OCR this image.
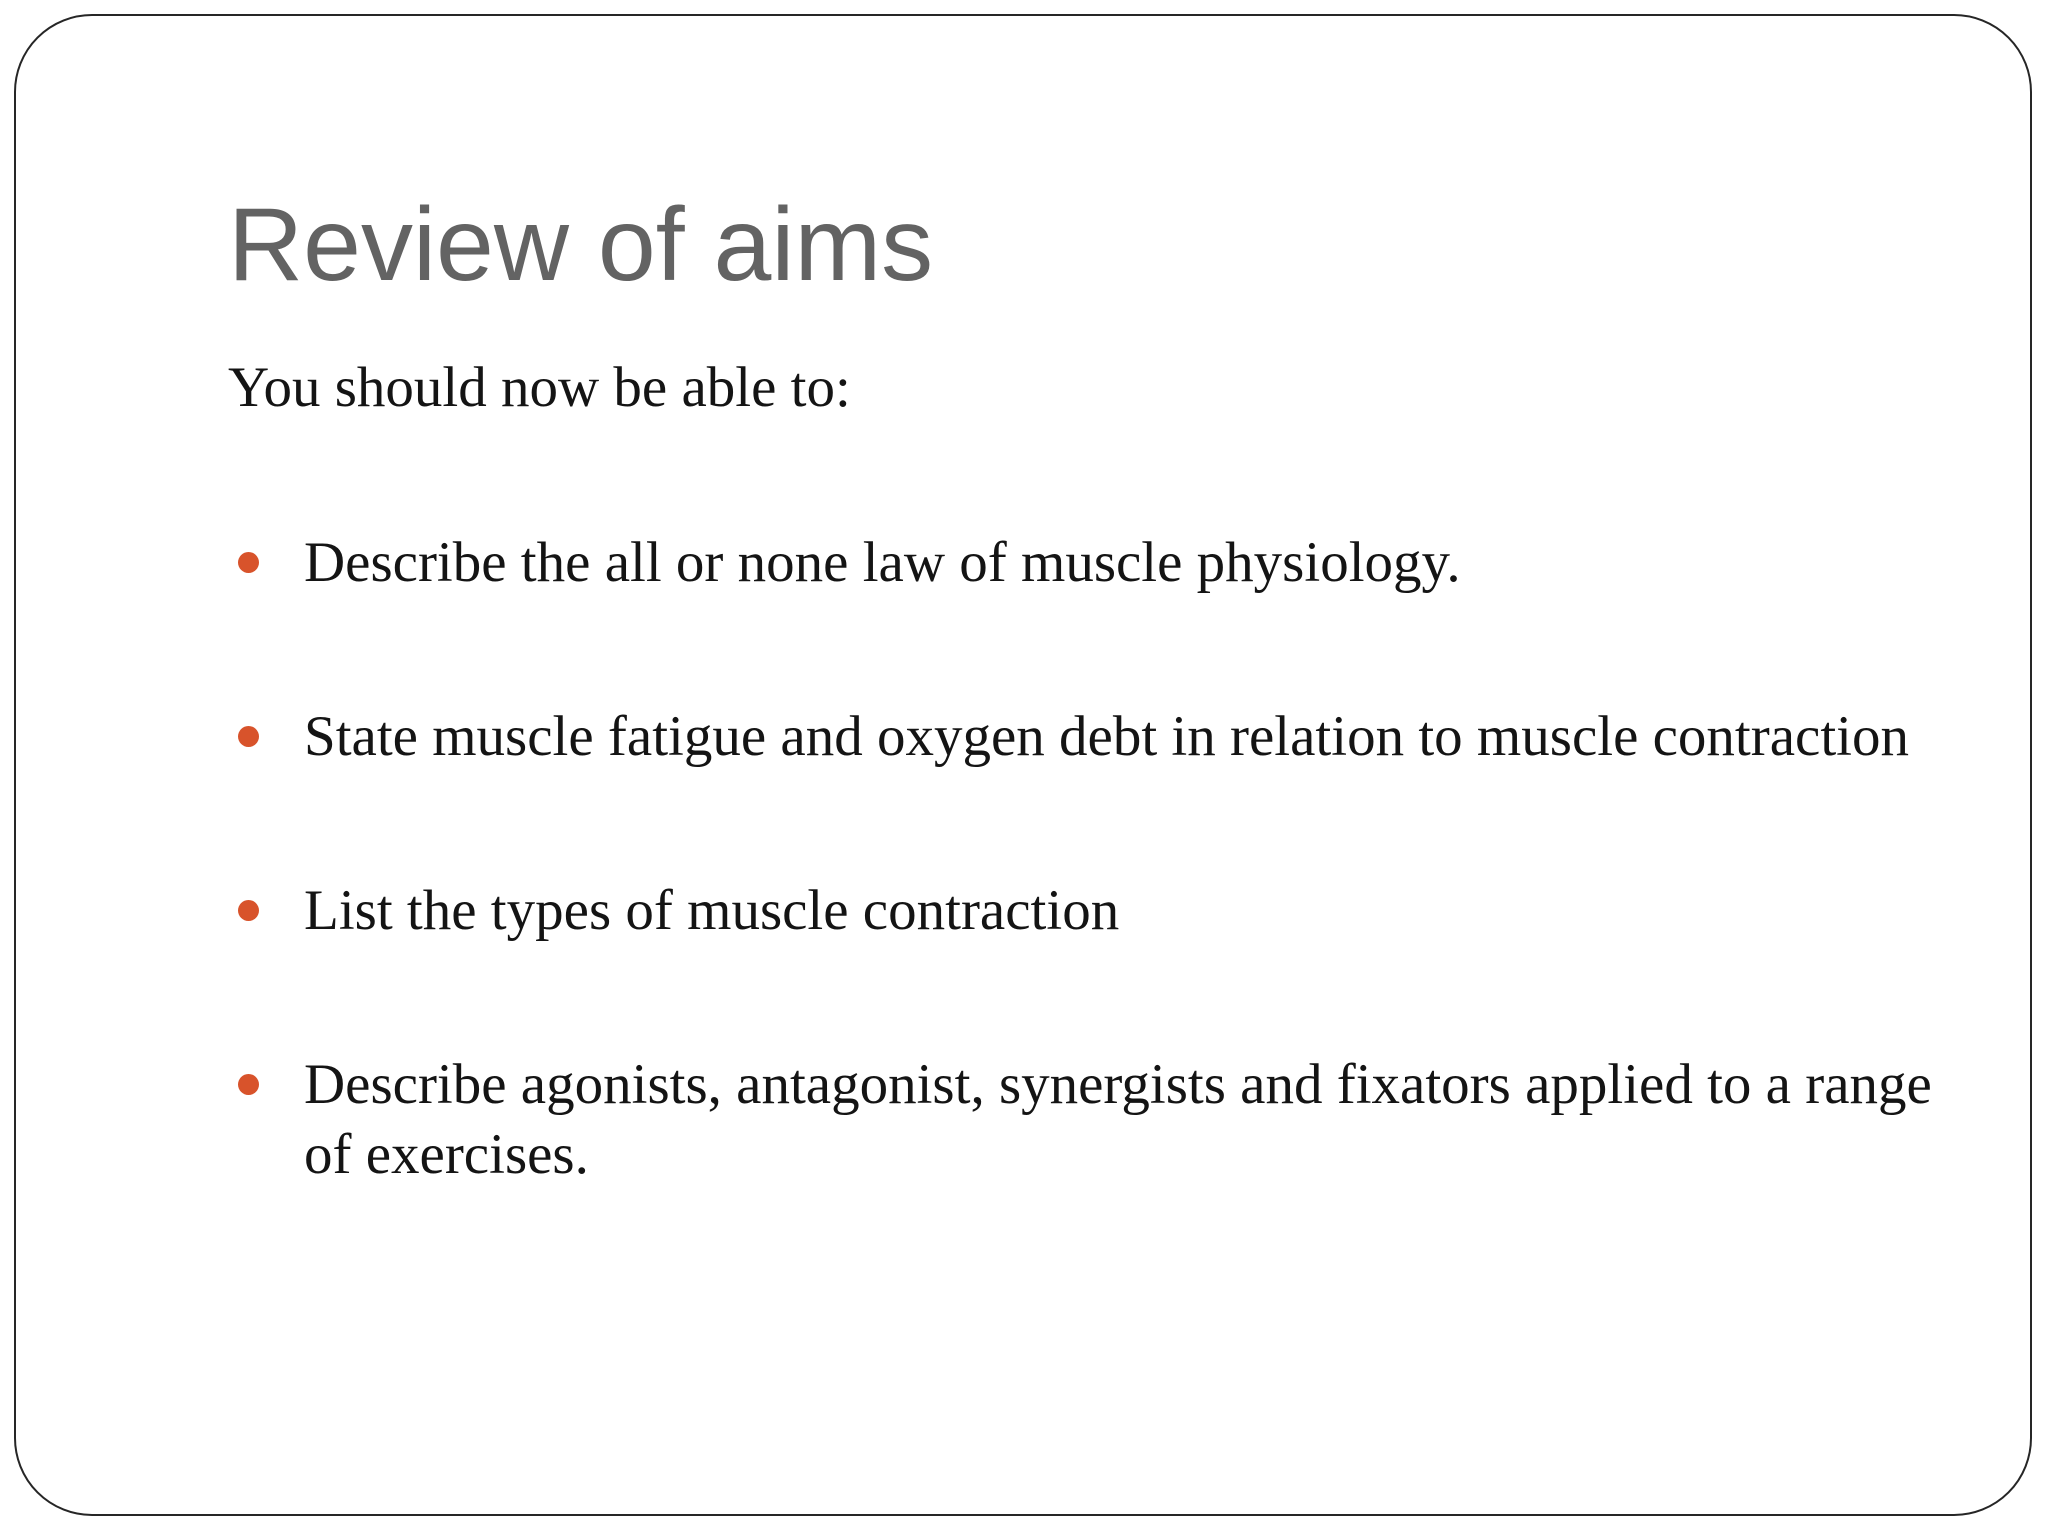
Review of aims

You should now be able to:

Describe the all or none law of muscle physiology.
State muscle fatigue and oxygen debt in relation to muscle contraction
List the types of muscle contraction
Describe agonists, antagonist, synergists and fixators applied to a range of exercises.
